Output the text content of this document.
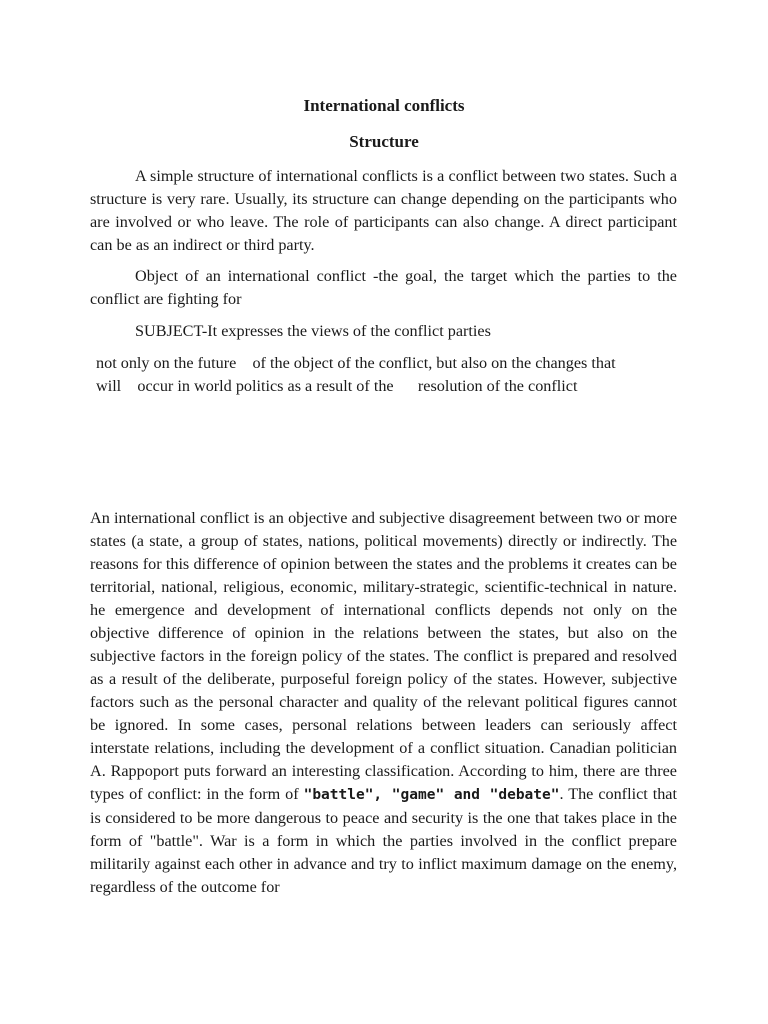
International conflicts
Structure

A simple structure of international conflicts is a conflict between two states. Such a structure is very rare. Usually, its structure can change depending on the participants who are involved or who leave. The role of participants can also change. A direct participant can be as an indirect or third party.

Object of an international conflict -the goal, the target which the parties to the conflict are fighting for

SUBJECT-It expresses the views of the conflict parties

not only on the future    of the object of the conflict, but also on the changes that

will    occur in world politics as a result of the      resolution of the conflict

An international conflict is an objective and subjective disagreement between two or more states (a state, a group of states, nations, political movements) directly or indirectly. The reasons for this difference of opinion between the states and the problems it creates can be territorial, national, religious, economic, military-strategic, scientific-technical in nature. he emergence and development of international conflicts depends not only on the objective difference of opinion in the relations between the states, but also on the subjective factors in the foreign policy of the states. The conflict is prepared and resolved as a result of the deliberate, purposeful foreign policy of the states. However, subjective factors such as the personal character and quality of the relevant political figures cannot be ignored. In some cases, personal relations between leaders can seriously affect interstate relations, including the development of a conflict situation. Canadian politician A. Rappoport puts forward an interesting classification. According to him, there are three types of conflict: in the form of "battle", "game" and "debate". The conflict that is considered to be more dangerous to peace and security is the one that takes place in the form of "battle". War is a form in which the parties involved in the conflict prepare militarily against each other in advance and try to inflict maximum damage on the enemy, regardless of the outcome for
